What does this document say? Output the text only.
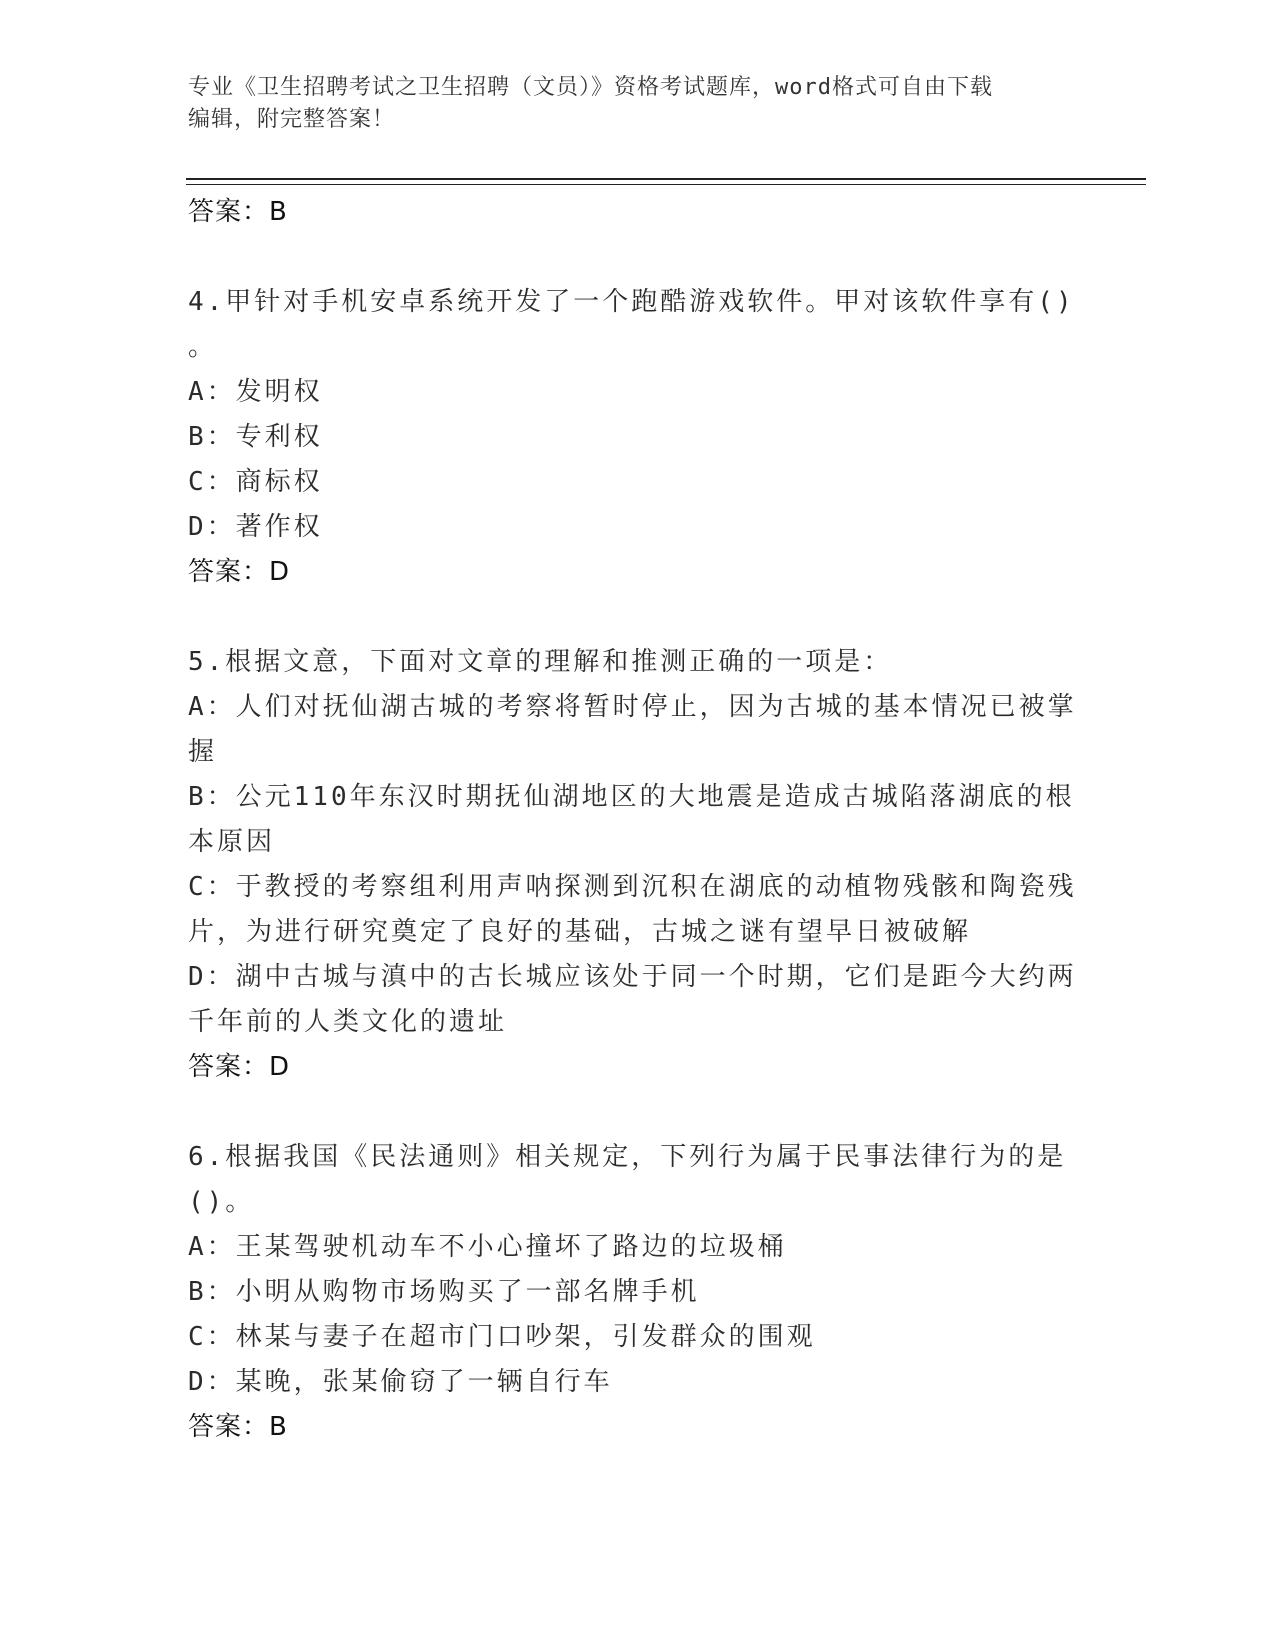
专业《卫生招聘考试之卫生招聘（文员）》资格考试题库，word格式可自由下载
编辑，附完整答案！
答案：B
4.甲针对手机安卓系统开发了一个跑酷游戏软件。甲对该软件享有()
。
A：发明权
B：专利权
C：商标权
D：著作权
答案：D
5.根据文意，下面对文章的理解和推测正确的一项是：
A：人们对抚仙湖古城的考察将暂时停止，因为古城的基本情况已被掌
握
B：公元110年东汉时期抚仙湖地区的大地震是造成古城陷落湖底的根
本原因
C：于教授的考察组利用声呐探测到沉积在湖底的动植物残骸和陶瓷残
片，为进行研究奠定了良好的基础，古城之谜有望早日被破解
D：湖中古城与滇中的古长城应该处于同一个时期，它们是距今大约两
千年前的人类文化的遗址
答案：D
6.根据我国《民法通则》相关规定，下列行为属于民事法律行为的是
()。
A：王某驾驶机动车不小心撞坏了路边的垃圾桶
B：小明从购物市场购买了一部名牌手机
C：林某与妻子在超市门口吵架，引发群众的围观
D：某晚，张某偷窃了一辆自行车
答案：B
